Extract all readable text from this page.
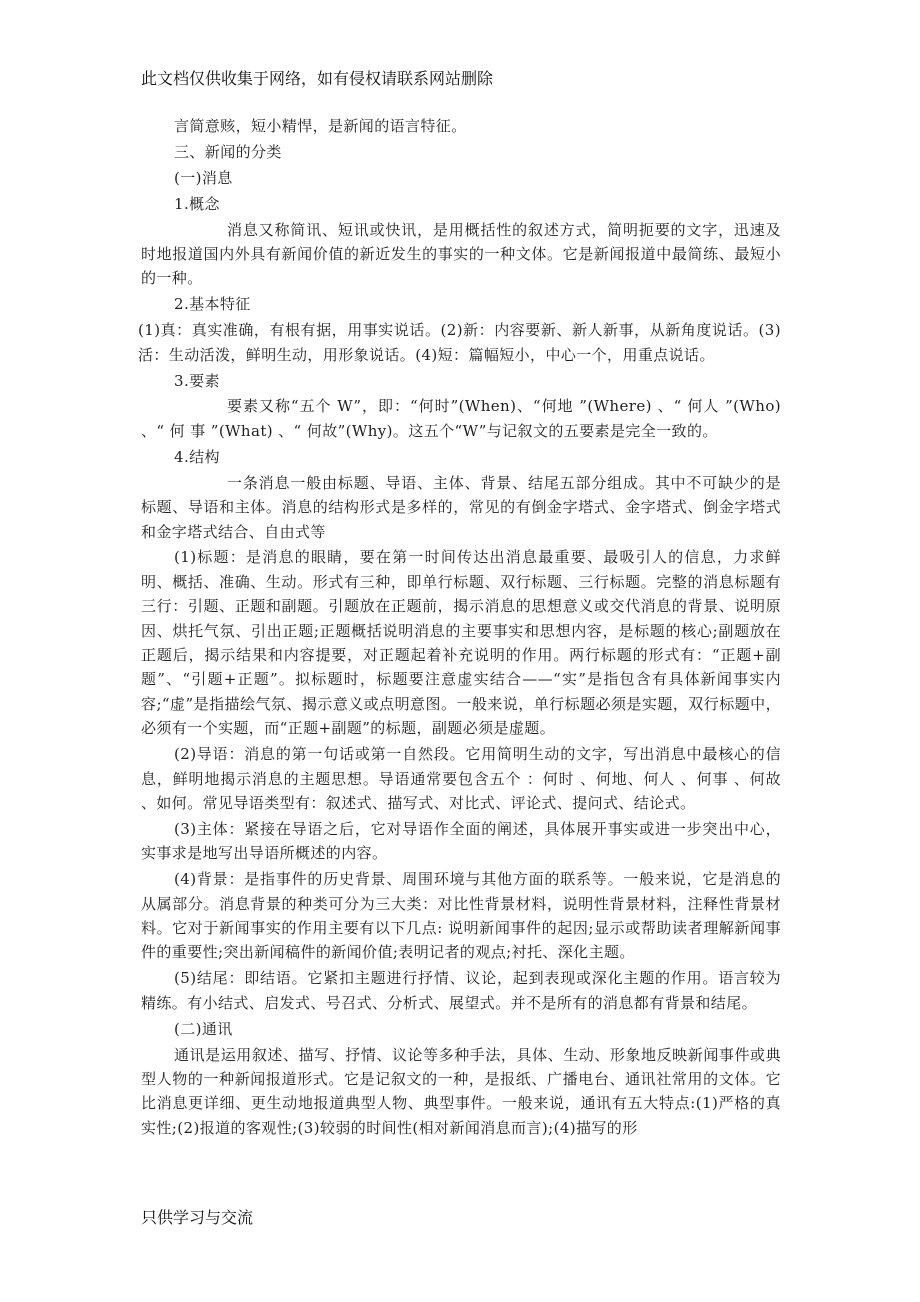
此文档仅供收集于网络，如有侵权请联系网站删除

言简意赅，短小精悍，是新闻的语言特征。

三、新闻的分类

(一)消息

1.概念

消息又称简讯、短讯或快讯，是用概括性的叙述方式，简明扼要的文字，迅速及时地报道国内外具有新闻价值的新近发生的事实的一种文体。它是新闻报道中最简练、最短小的一种。

2.基本特征

(1)真：真实准确，有根有据，用事实说话。(2)新：内容要新、新人新事，从新角度说话。(3)活：生动活泼，鲜明生动，用形象说话。(4)短：篇幅短小，中心一个，用重点说话。

3.要素

要素又称“五个 W”，即：“何时”(When)、“何地 ”(Where) 、“ 何人 ”(Who) 、“ 何 事 ”(What) 、“ 何故”(Why)。这五个“W”与记叙文的五要素是完全一致的。

4.结构

一条消息一般由标题、导语、主体、背景、结尾五部分组成。其中不可缺少的是标题、导语和主体。消息的结构形式是多样的，常见的有倒金字塔式、金字塔式、倒金字塔式和金字塔式结合、自由式等

(1)标题：是消息的眼睛，要在第一时间传达出消息最重要、最吸引人的信息，力求鲜明、概括、准确、生动。形式有三种，即单行标题、双行标题、三行标题。完整的消息标题有三行：引题、正题和副题。引题放在正题前，揭示消息的思想意义或交代消息的背景、说明原因、烘托气氛、引出正题;正题概括说明消息的主要事实和思想内容，是标题的核心;副题放在正题后，揭示结果和内容提要，对正题起着补充说明的作用。两行标题的形式有：“正题+副题”、“引题+正题”。拟标题时，标题要注意虚实结合——“实”是指包含有具体新闻事实内容;“虚”是指描绘气氛、揭示意义或点明意图。一般来说，单行标题必须是实题，双行标题中，必须有一个实题，而“正题+副题”的标题，副题必须是虚题。

(2)导语：消息的第一句话或第一自然段。它用简明生动的文字，写出消息中最核心的信息，鲜明地揭示消息的主题思想。导语通常要包含五个 ：何时 、何地、何人 、何事 、何故 、如何。常见导语类型有：叙述式、描写式、对比式、评论式、提问式、结论式。

(3)主体：紧接在导语之后，它对导语作全面的阐述，具体展开事实或进一步突出中心，实事求是地写出导语所概述的内容。

(4)背景：是指事件的历史背景、周围环境与其他方面的联系等。一般来说，它是消息的从属部分。消息背景的种类可分为三大类：对比性背景材料，说明性背景材料，注释性背景材料。它对于新闻事实的作用主要有以下几点: 说明新闻事件的起因;显示或帮助读者理解新闻事件的重要性;突出新闻稿件的新闻价值;表明记者的观点;衬托、深化主题。

(5)结尾：即结语。它紧扣主题进行抒情、议论，起到表现或深化主题的作用。语言较为精练。有小结式、启发式、号召式、分析式、展望式。并不是所有的消息都有背景和结尾。

(二)通讯

通讯是运用叙述、描写、抒情、议论等多种手法，具体、生动、形象地反映新闻事件或典型人物的一种新闻报道形式。它是记叙文的一种，是报纸、广播电台、通讯社常用的文体。它比消息更详细、更生动地报道典型人物、典型事件。一般来说，通讯有五大特点:(1)严格的真实性;(2)报道的客观性;(3)较弱的时间性(相对新闻消息而言);(4)描写的形

只供学习与交流
